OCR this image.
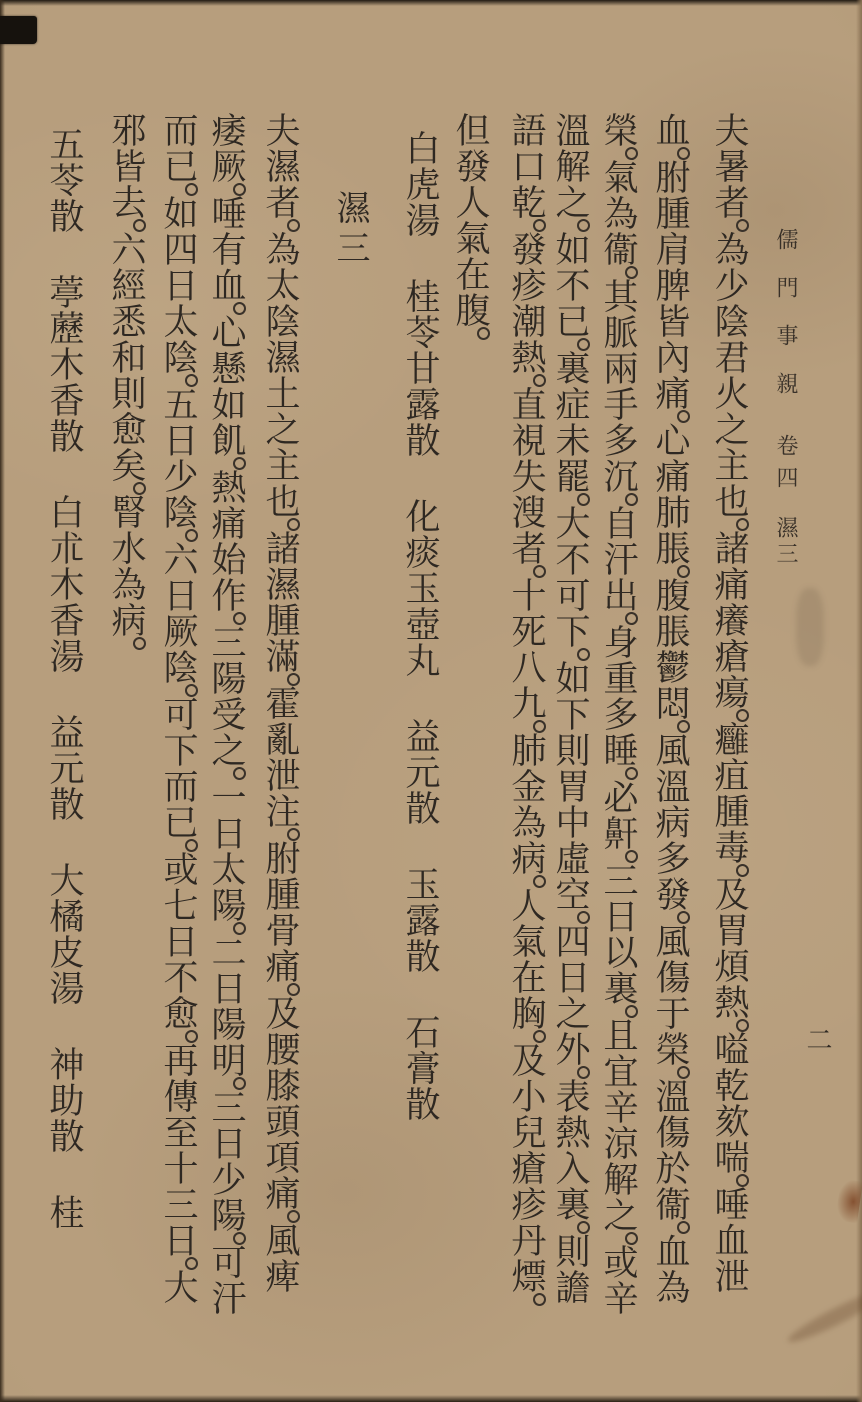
儒門事親卷四濕三
二
夫暑者為少陰君火之主也諸痛癢瘡瘍癰疽腫毒及胃煩熱嗌乾欬喘唾血泄
血胕腫肩脾皆內痛心痛肺脹腹脹鬱悶風溫病多發風傷于榮溫傷於衞血為
榮氣為衞其脈兩手多沉自汗出身重多睡必鼾三日以裏且宜辛涼解之或辛
溫解之如不已裏症未罷大不可下如下則胃中虛空四日之外表熱入裏則譫
語口乾發疹潮熱直視失溲者十死八九肺金為病人氣在胸及小兒瘡疹丹熛
但發人氣在腹
白虎湯桂苓甘露散化痰玉壺丸益元散玉露散石膏散
濕三
夫濕者為太陰濕土之主也諸濕腫滿霍亂泄注胕腫骨痛及腰膝頭項痛風痺
痿厥唾有血心懸如飢熱痛始作三陽受之一日太陽二日陽明三日少陽可汗
而已如四日太陰五日少陰六日厥陰可下而已或七日不愈再傳至十三日大
邪皆去六經悉和則愈矣腎水為病
五苓散葶藶木香散白朮木香湯益元散大橘皮湯神助散桂
